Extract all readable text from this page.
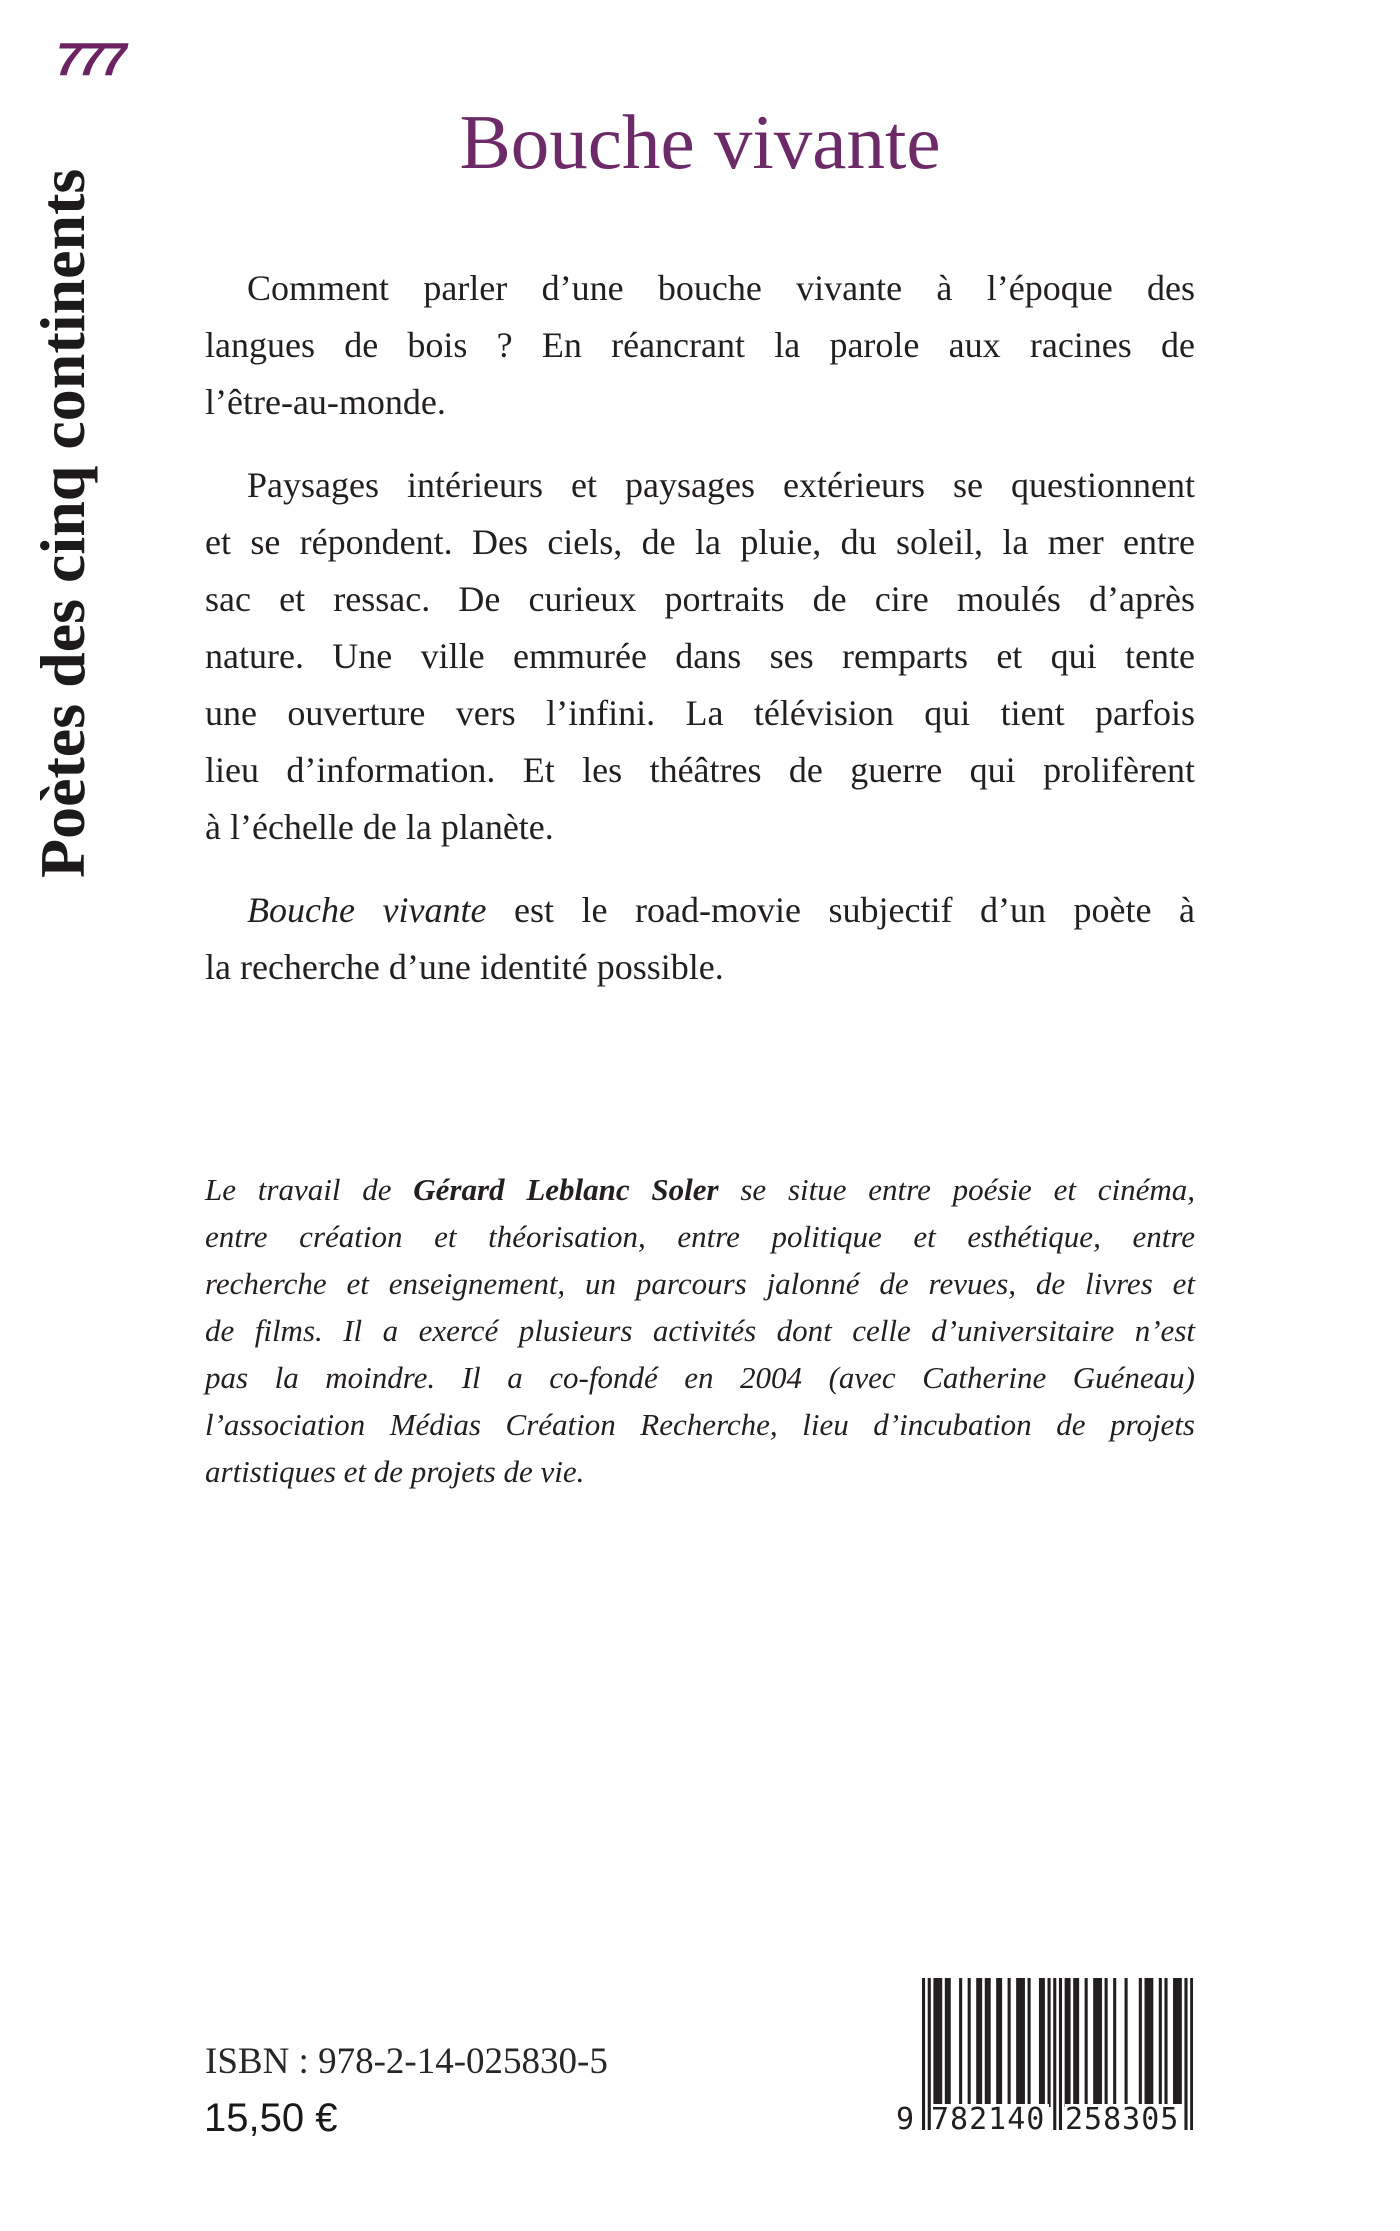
777
Poètes des cinq continents
Bouche vivante
Comment parler d’une bouche vivante à l’époque des
langues de bois ? En réancrant la parole aux racines de
l’être-au-monde.
Paysages intérieurs et paysages extérieurs se questionnent
et se répondent. Des ciels, de la pluie, du soleil, la mer entre
sac et ressac. De curieux portraits de cire moulés d’après
nature. Une ville emmurée dans ses remparts et qui tente
une ouverture vers l’infini. La télévision qui tient parfois
lieu d’information. Et les théâtres de guerre qui prolifèrent
à l’échelle de la planète.
Bouche vivante est le road-movie subjectif d’un poète à
la recherche d’une identité possible.
Le travail de Gérard Leblanc Soler se situe entre poésie et cinéma,
entre création et théorisation, entre politique et esthétique, entre
recherche et enseignement, un parcours jalonné de revues, de livres et
de films. Il a exercé plusieurs activités dont celle d’universitaire n’est
pas la moindre. Il a co-fondé en 2004 (avec Catherine Guéneau)
l’association Médias Création Recherche, lieu d’incubation de projets
artistiques et de projets de vie.
ISBN : 978-2-14-025830-5
15,50 €	9 782140 258305
